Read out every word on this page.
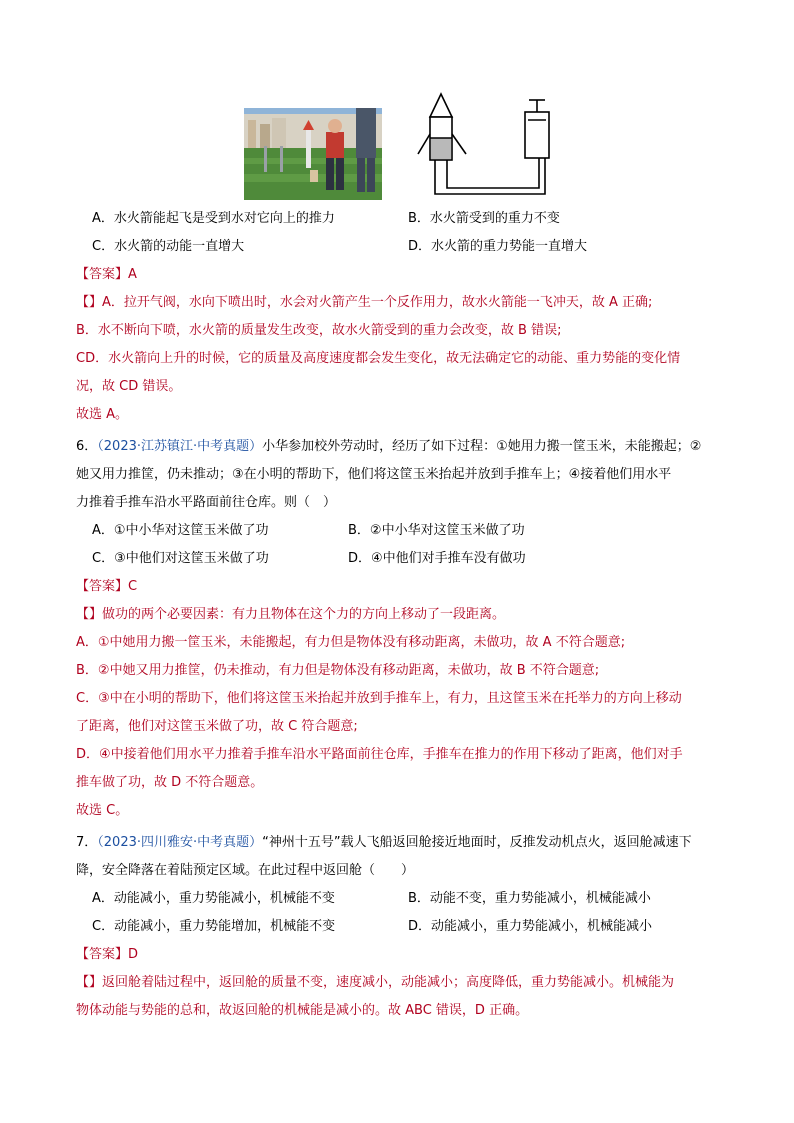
A．水火箭能起飞是受到水对它向上的推力	B．水火箭受到的重力不变
C．水火箭的动能一直增大	D．水火箭的重力势能一直增大
【答案】A
【】A．拉开气阀，水向下喷出时，水会对火箭产生一个反作用力，故水火箭能一飞冲天，故 A 正确;
B．水不断向下喷，水火箭的质量发生改变，故水火箭受到的重力会改变，故 B 错误;
CD．水火箭向上升的时候，它的质量及高度速度都会发生变化，故无法确定它的动能、重力势能的变化情
况，故 CD 错误。
故选 A。
6．（2023·江苏镇江·中考真题）小华参加校外劳动时，经历了如下过程：①她用力搬一筐玉米，未能搬起；②
她又用力推筐，仍未推动；③在小明的帮助下，他们将这筐玉米抬起并放到手推车上；④接着他们用水平
力推着手推车沿水平路面前往仓库。则（　）
A．①中小华对这筐玉米做了功	B．②中小华对这筐玉米做了功
C．③中他们对这筐玉米做了功	D．④中他们对手推车没有做功
【答案】C
【】做功的两个必要因素：有力且物体在这个力的方向上移动了一段距离。
A．①中她用力搬一筐玉米，未能搬起，有力但是物体没有移动距离，未做功，故 A 不符合题意;
B．②中她又用力推筐，仍未推动，有力但是物体没有移动距离，未做功，故 B 不符合题意;
C．③中在小明的帮助下，他们将这筐玉米抬起并放到手推车上，有力，且这筐玉米在托举力的方向上移动
了距离，他们对这筐玉米做了功，故 C 符合题意;
D．④中接着他们用水平力推着手推车沿水平路面前往仓库，手推车在推力的作用下移动了距离，他们对手
推车做了功，故 D 不符合题意。
故选 C。
7．（2023·四川雅安·中考真题）“神州十五号”载人飞船返回舱接近地面时，反推发动机点火，返回舱减速下
降，安全降落在着陆预定区域。在此过程中返回舱（　　）
A．动能减小，重力势能减小，机械能不变	B．动能不变，重力势能减小，机械能减小
C．动能减小，重力势能增加，机械能不变	D．动能减小，重力势能减小，机械能减小
【答案】D
【】返回舱着陆过程中，返回舱的质量不变，速度减小，动能减小；高度降低，重力势能减小。机械能为
物体动能与势能的总和，故返回舱的机械能是减小的。故 ABC 错误，D 正确。
